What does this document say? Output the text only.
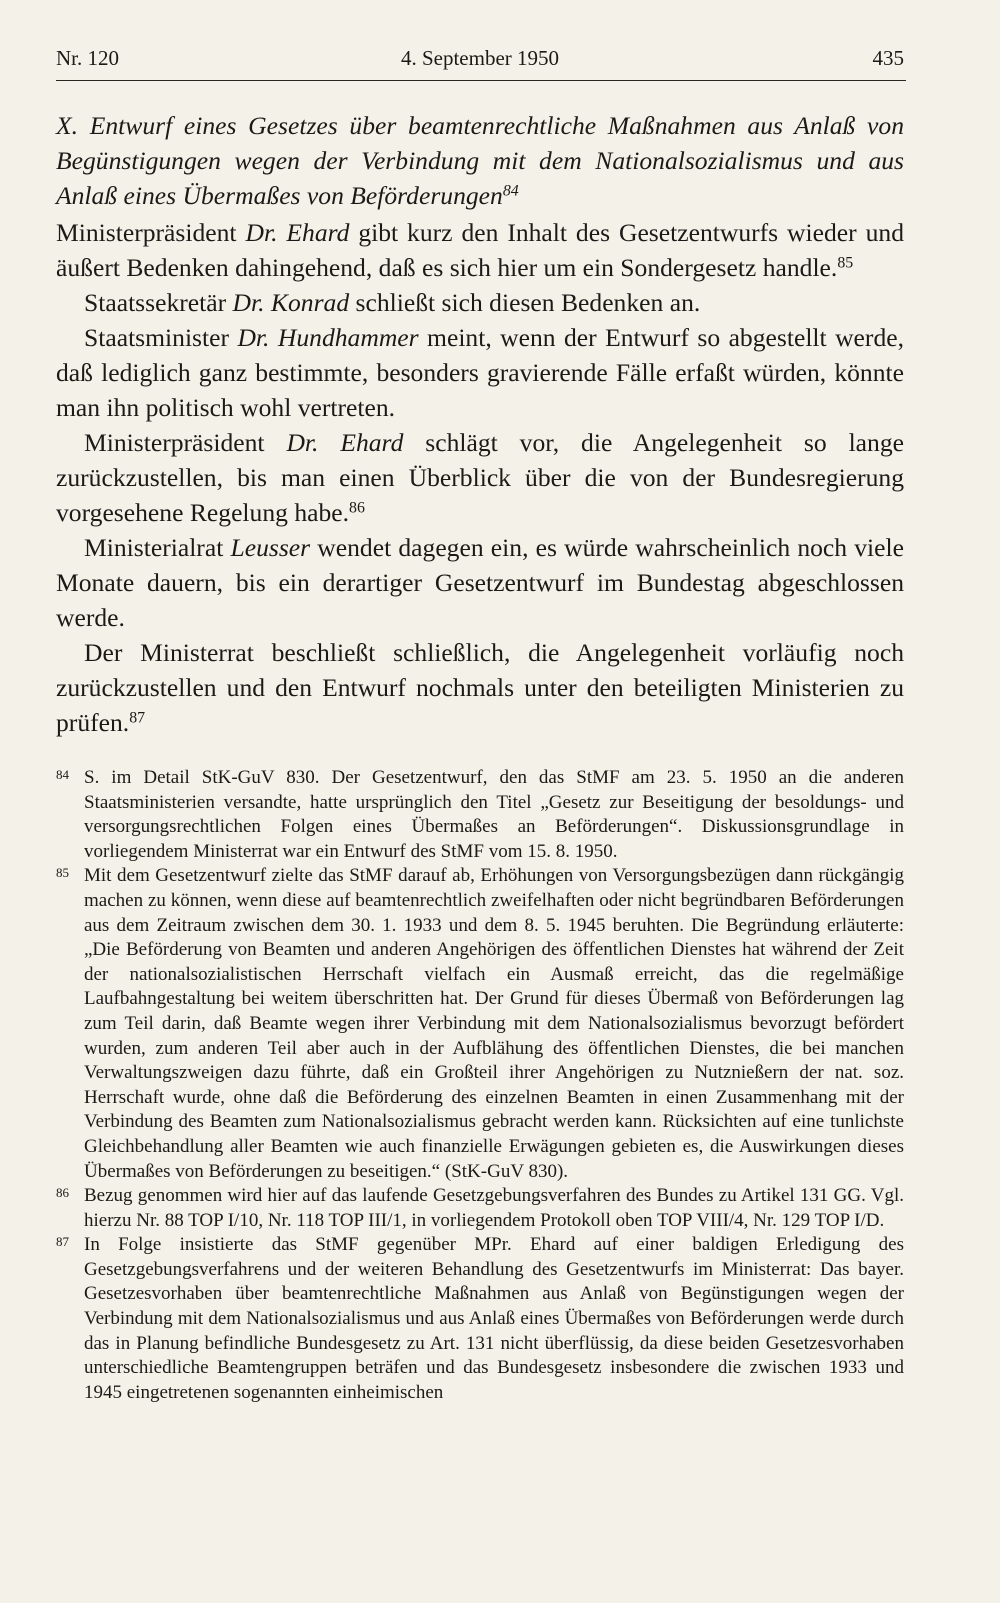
Nr. 120	4. September 1950	435

X. Entwurf eines Gesetzes über beamtenrechtliche Maßnahmen aus Anlaß von Begünstigungen wegen der Verbindung mit dem Nationalsozialismus und aus Anlaß eines Übermaßes von Beförderungen$^{84}$

Ministerpräsident Dr. Ehard gibt kurz den Inhalt des Gesetzentwurfs wieder und äußert Bedenken dahingehend, daß es sich hier um ein Sondergesetz handle.$^{85}$

Staatssekretär Dr. Konrad schließt sich diesen Bedenken an.

Staatsminister Dr. Hundhammer meint, wenn der Entwurf so abgestellt werde, daß lediglich ganz bestimmte, besonders gravierende Fälle erfaßt würden, könnte man ihn politisch wohl vertreten.

Ministerpräsident Dr. Ehard schlägt vor, die Angelegenheit so lange zurückzustellen, bis man einen Überblick über die von der Bundesregierung vorgesehene Regelung habe.$^{86}$

Ministerialrat Leusser wendet dagegen ein, es würde wahrscheinlich noch viele Monate dauern, bis ein derartiger Gesetzentwurf im Bundestag abgeschlossen werde.

Der Ministerrat beschließt schließlich, die Angelegenheit vorläufig noch zurückzustellen und den Entwurf nochmals unter den beteiligten Ministerien zu prüfen.$^{87}$

84 S. im Detail StK-GuV 830. Der Gesetzentwurf, den das StMF am 23. 5. 1950 an die anderen Staatsministerien versandte, hatte ursprünglich den Titel „Gesetz zur Beseitigung der besoldungs- und versorgungsrechtlichen Folgen eines Übermaßes an Beförderungen“. Diskussionsgrundlage in vorliegendem Ministerrat war ein Entwurf des StMF vom 15. 8. 1950.

85 Mit dem Gesetzentwurf zielte das StMF darauf ab, Erhöhungen von Versorgungsbezügen dann rückgängig machen zu können, wenn diese auf beamtenrechtlich zweifelhaften oder nicht begründbaren Beförderungen aus dem Zeitraum zwischen dem 30. 1. 1933 und dem 8. 5. 1945 beruhten. Die Begründung erläuterte: „Die Beförderung von Beamten und anderen Angehörigen des öffentlichen Dienstes hat während der Zeit der nationalsozialistischen Herrschaft vielfach ein Ausmaß erreicht, das die regelmäßige Laufbahngestaltung bei weitem überschritten hat. Der Grund für dieses Übermaß von Beförderungen lag zum Teil darin, daß Beamte wegen ihrer Verbindung mit dem Nationalsozialismus bevorzugt befördert wurden, zum anderen Teil aber auch in der Aufblähung des öffentlichen Dienstes, die bei manchen Verwaltungszweigen dazu führte, daß ein Großteil ihrer Angehörigen zu Nutznießern der nat. soz. Herrschaft wurde, ohne daß die Beförderung des einzelnen Beamten in einen Zusammenhang mit der Verbindung des Beamten zum Nationalsozialismus gebracht werden kann. Rücksichten auf eine tunlichste Gleichbehandlung aller Beamten wie auch finanzielle Erwägungen gebieten es, die Auswirkungen dieses Übermaßes von Beförderungen zu beseitigen.“ (StK-GuV 830).

86 Bezug genommen wird hier auf das laufende Gesetzgebungsverfahren des Bundes zu Artikel 131 GG. Vgl. hierzu Nr. 88 TOP I/10, Nr. 118 TOP III/1, in vorliegendem Protokoll oben TOP VIII/4, Nr. 129 TOP I/D.

87 In Folge insistierte das StMF gegenüber MPr. Ehard auf einer baldigen Erledigung des Gesetzgebungsverfahrens und der weiteren Behandlung des Gesetzentwurfs im Ministerrat: Das bayer. Gesetzesvorhaben über beamtenrechtliche Maßnahmen aus Anlaß von Begünstigungen wegen der Verbindung mit dem Nationalsozialismus und aus Anlaß eines Übermaßes von Beförderungen werde durch das in Planung befindliche Bundesgesetz zu Art. 131 nicht überflüssig, da diese beiden Gesetzesvorhaben unterschiedliche Beamtengruppen beträfen und das Bundesgesetz insbesondere die zwischen 1933 und 1945 eingetretenen sogenannten einheimischen
